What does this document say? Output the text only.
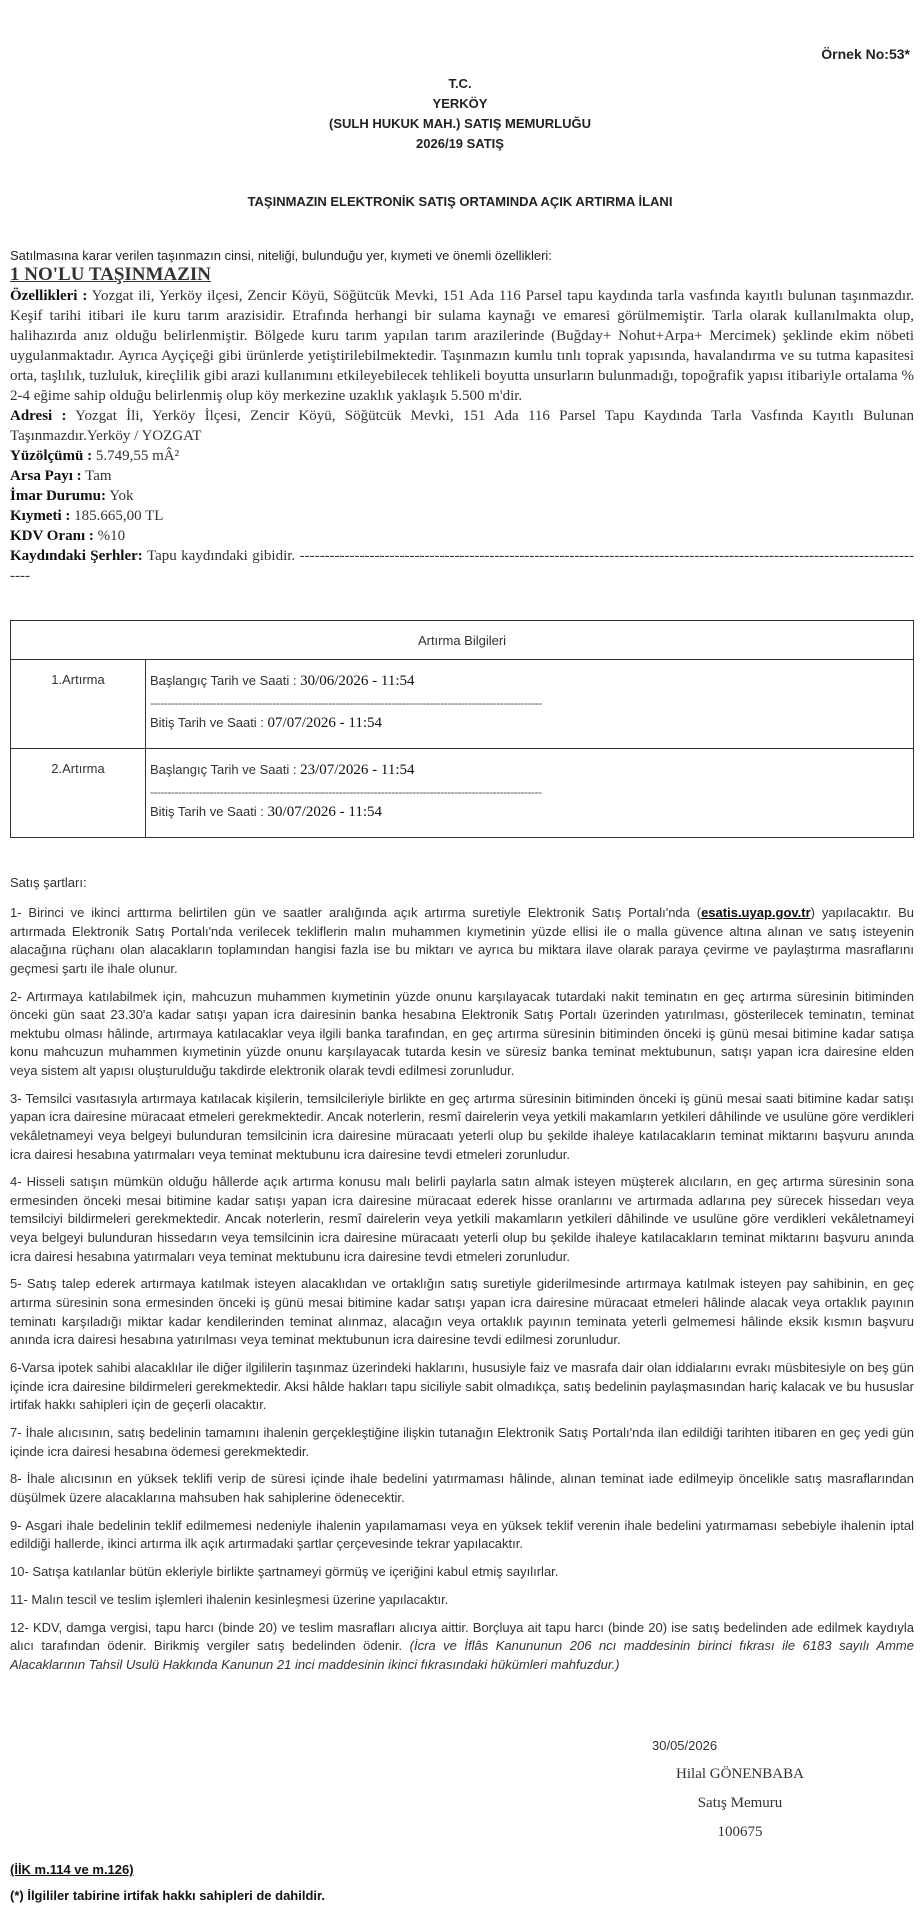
Örnek No:53*
T.C.
YERKÖY
(SULH HUKUK MAH.) SATIŞ MEMURLUĞU
2026/19 SATIŞ
TAŞINMAZIN ELEKTRONİK SATIŞ ORTAMINDA AÇIK ARTIRMA İLANI
Satılmasına karar verilen taşınmazın cinsi, niteliği, bulunduğu yer, kıymeti ve önemli özellikleri:
1 NO'LU TAŞINMAZIN

Özellikleri : Yozgat ili, Yerköy ilçesi, Zencir Köyü, Söğütcük Mevki, 151 Ada 116 Parsel tapu kaydında tarla vasfında kayıtlı bulunan taşınmazdır. Keşif tarihi itibari ile kuru tarım arazisidir. Etrafında herhangi bir sulama kaynağı ve emaresi görülmemiştir. Tarla olarak kullanılmakta olup, halihazırda anız olduğu belirlenmiştir. Bölgede kuru tarım yapılan tarım arazilerinde (Buğday+ Nohut+Arpa+ Mercimek) şeklinde ekim nöbeti uygulanmaktadır. Ayrıca Ayçiçeği gibi ürünlerde yetiştirilebilmektedir. Taşınmazın kumlu tınlı toprak yapısında, havalandırma ve su tutma kapasitesi orta, taşlılık, tuzluluk, kireçlilik gibi arazi kullanımını etkileyebilecek tehlikeli boyutta unsurların bulunmadığı, topoğrafik yapısı itibariyle ortalama % 2-4 eğime sahip olduğu belirlenmiş olup köy merkezine uzaklık yaklaşık 5.500 m'dir.

Adresi : Yozgat İli, Yerköy İlçesi, Zencir Köyü, Söğütcük Mevki, 151 Ada 116 Parsel Tapu Kaydında Tarla Vasfında Kayıtlı Bulunan Taşınmazdır.Yerköy / YOZGAT

Yüzölçümü : 5.749,55 mÂ²

Arsa Payı : Tam

İmar Durumu: Yok

Kıymeti : 185.665,00 TL

KDV Oranı : %10

Kaydındaki Şerhler: Tapu kaydındaki gibidir. -------------------------------------------------------------------------------------------------------------------------------

Artırma Bilgileri	
1.Artırma	Başlangıç Tarih ve Saati : 30/06/2026 - 11:54
----------------------------------------------------------------------------------------------------------------
Bitiş Tarih ve Saati : 07/07/2026 - 11:54

2.Artırma	Başlangıç Tarih ve Saati : 23/07/2026 - 11:54
----------------------------------------------------------------------------------------------------------------
Bitiş Tarih ve Saati : 30/07/2026 - 11:54
Satış şartları:

1- Birinci ve ikinci arttırma belirtilen gün ve saatler aralığında açık artırma suretiyle Elektronik Satış Portalı'nda (esatis.uyap.gov.tr) yapılacaktır. Bu artırmada Elektronik Satış Portalı'nda verilecek tekliflerin malın muhammen kıymetinin yüzde ellisi ile o malla güvence altına alınan ve satış isteyenin alacağına rüçhanı olan alacakların toplamından hangisi fazla ise bu miktarı ve ayrıca bu miktara ilave olarak paraya çevirme ve paylaştırma masraflarını geçmesi şartı ile ihale olunur.

2- Artırmaya katılabilmek için, mahcuzun muhammen kıymetinin yüzde onunu karşılayacak tutardaki nakit teminatın en geç artırma süresinin bitiminden önceki gün saat 23.30'a kadar satışı yapan icra dairesinin banka hesabına Elektronik Satış Portalı üzerinden yatırılması, gösterilecek teminatın, teminat mektubu olması hâlinde, artırmaya katılacaklar veya ilgili banka tarafından, en geç artırma süresinin bitiminden önceki iş günü mesai bitimine kadar satışa konu mahcuzun muhammen kıymetinin yüzde onunu karşılayacak tutarda kesin ve süresiz banka teminat mektubunun, satışı yapan icra dairesine elden veya sistem alt yapısı oluşturulduğu takdirde elektronik olarak tevdi edilmesi zorunludur.

3- Temsilci vasıtasıyla artırmaya katılacak kişilerin, temsilcileriyle birlikte en geç artırma süresinin bitiminden önceki iş günü mesai saati bitimine kadar satışı yapan icra dairesine müracaat etmeleri gerekmektedir. Ancak noterlerin, resmî dairelerin veya yetkili makamların yetkileri dâhilinde ve usulüne göre verdikleri vekâletnameyi veya belgeyi bulunduran temsilcinin icra dairesine müracaatı yeterli olup bu şekilde ihaleye katılacakların teminat miktarını başvuru anında icra dairesi hesabına yatırmaları veya teminat mektubunu icra dairesine tevdi etmeleri zorunludur.

4- Hisseli satışın mümkün olduğu hâllerde açık artırma konusu malı belirli paylarla satın almak isteyen müşterek alıcıların, en geç artırma süresinin sona ermesinden önceki mesai bitimine kadar satışı yapan icra dairesine müracaat ederek hisse oranlarını ve artırmada adlarına pey sürecek hissedarı veya temsilciyi bildirmeleri gerekmektedir. Ancak noterlerin, resmî dairelerin veya yetkili makamların yetkileri dâhilinde ve usulüne göre verdikleri vekâletnameyi veya belgeyi bulunduran hissedarın veya temsilcinin icra dairesine müracaatı yeterli olup bu şekilde ihaleye katılacakların teminat miktarını başvuru anında icra dairesi hesabına yatırmaları veya teminat mektubunu icra dairesine tevdi etmeleri zorunludur.

5- Satış talep ederek artırmaya katılmak isteyen alacaklıdan ve ortaklığın satış suretiyle giderilmesinde artırmaya katılmak isteyen pay sahibinin, en geç artırma süresinin sona ermesinden önceki iş günü mesai bitimine kadar satışı yapan icra dairesine müracaat etmeleri hâlinde alacak veya ortaklık payının teminatı karşıladığı miktar kadar kendilerinden teminat alınmaz, alacağın veya ortaklık payının teminata yeterli gelmemesi hâlinde eksik kısmın başvuru anında icra dairesi hesabına yatırılması veya teminat mektubunun icra dairesine tevdi edilmesi zorunludur.

6-Varsa ipotek sahibi alacaklılar ile diğer ilgililerin taşınmaz üzerindeki haklarını, hususiyle faiz ve masrafa dair olan iddialarını evrakı müsbitesiyle on beş gün içinde icra dairesine bildirmeleri gerekmektedir. Aksi hâlde hakları tapu siciliyle sabit olmadıkça, satış bedelinin paylaşmasından hariç kalacak ve bu hususlar irtifak hakkı sahipleri için de geçerli olacaktır.

7- İhale alıcısının, satış bedelinin tamamını ihalenin gerçekleştiğine ilişkin tutanağın Elektronik Satış Portalı'nda ilan edildiği tarihten itibaren en geç yedi gün içinde icra dairesi hesabına ödemesi gerekmektedir.

8- İhale alıcısının en yüksek teklifi verip de süresi içinde ihale bedelini yatırmaması hâlinde, alınan teminat iade edilmeyip öncelikle satış masraflarından düşülmek üzere alacaklarına mahsuben hak sahiplerine ödenecektir.

9- Asgari ihale bedelinin teklif edilmemesi nedeniyle ihalenin yapılamaması veya en yüksek teklif verenin ihale bedelini yatırmaması sebebiyle ihalenin iptal edildiği hallerde, ikinci artırma ilk açık artırmadaki şartlar çerçevesinde tekrar yapılacaktır.

10- Satışa katılanlar bütün ekleriyle birlikte şartnameyi görmüş ve içeriğini kabul etmiş sayılırlar.

11- Malın tescil ve teslim işlemleri ihalenin kesinleşmesi üzerine yapılacaktır.

12- KDV, damga vergisi, tapu harcı (binde 20) ve teslim masrafları alıcıya aittir. Borçluya ait tapu harcı (binde 20) ise satış bedelinden ade edilmek kaydıyla alıcı tarafından ödenir. Birikmiş vergiler satış bedelinden ödenir. (İcra ve İflâs Kanununun 206 ncı maddesinin birinci fıkrası ile 6183 sayılı Amme Alacaklarının Tahsil Usulü Hakkında Kanunun 21 inci maddesinin ikinci fıkrasındaki hükümleri mahfuzdur.)

30/05/2026
Hilal GÖNENBABA
Satış Memuru
100675
(İİK m.114 ve m.126)
(*) İlgililer tabirine irtifak hakkı sahipleri de dahildir.
